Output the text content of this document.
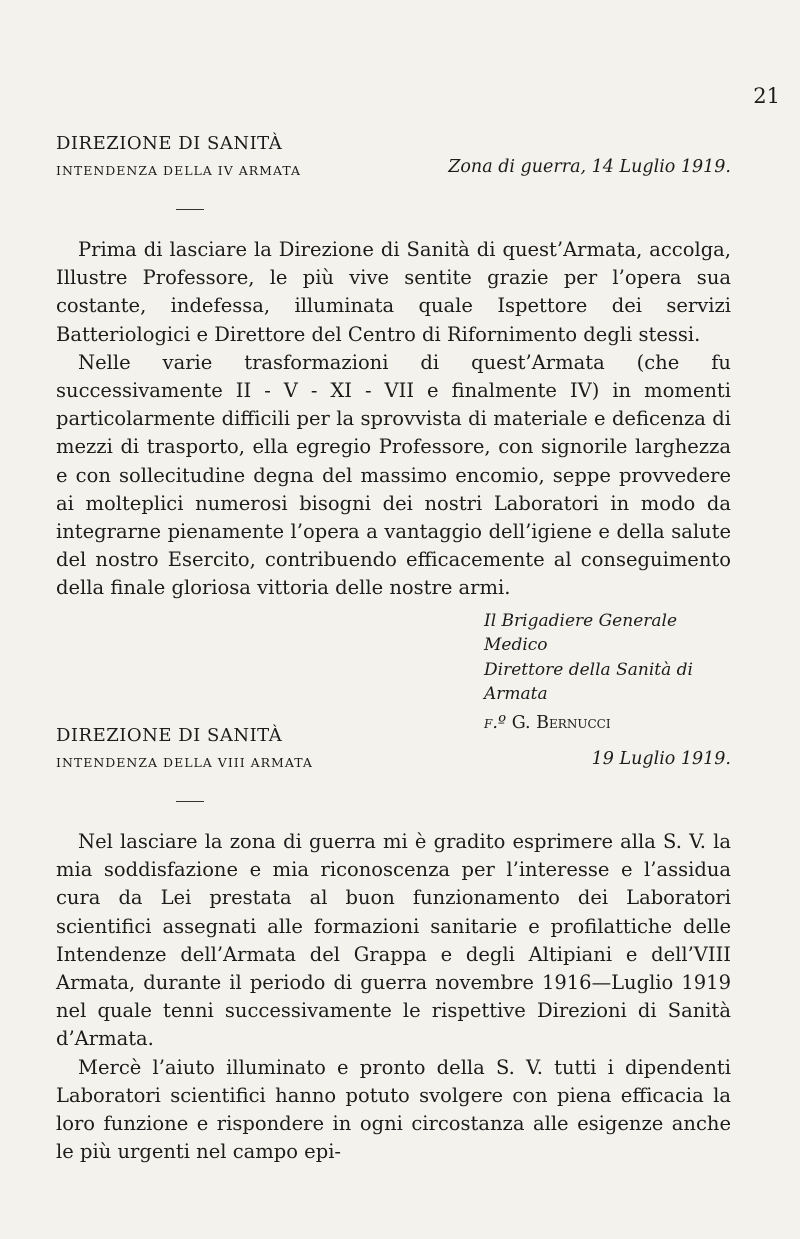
21
DIREZIONE DI SANITÀ
INTENDENZA DELLA IV ARMATA	Zona di guerra, 14 Luglio 1919.

Prima di lasciare la Direzione di Sanità di quest’Armata, accolga, Illustre Professore, le più vive sentite grazie per l’opera sua costante, indefessa, illuminata quale Ispettore dei servizi Batteriologici e Direttore del Centro di Rifornimento degli stessi.

Nelle varie trasformazioni di quest’Armata (che fu successivamente II - V - XI - VII e finalmente IV) in momenti particolarmente difficili per la sprovvista di materiale e deficenza di mezzi di trasporto, ella egregio Professore, con signorile larghezza e con sollecitudine degna del massimo encomio, seppe provvedere ai molteplici numerosi bisogni dei nostri Laboratori in modo da integrarne pienamente l’opera a vantaggio dell’igiene e della salute del nostro Esercito, contribuendo efficacemente al conseguimento della finale gloriosa vittoria delle nostre armi.

Il Brigadiere Generale Medico
Direttore della Sanità di Armata
f.º G. Bernucci
DIREZIONE DI SANITÀ
INTENDENZA DELLA VIII ARMATA	19 Luglio 1919.

Nel lasciare la zona di guerra mi è gradito esprimere alla S. V. la mia soddisfazione e mia riconoscenza per l’interesse e l’assidua cura da Lei prestata al buon funzionamento dei Laboratori scientifici assegnati alle formazioni sanitarie e profilattiche delle Intendenze dell’Armata del Grappa e degli Altipiani e dell’VIII Armata, durante il periodo di guerra novembre 1916—Luglio 1919 nel quale tenni successivamente le rispettive Direzioni di Sanità d’Armata.

Mercè l’aiuto illuminato e pronto della S. V. tutti i dipendenti Laboratori scientifici hanno potuto svolgere con piena efficacia la loro funzione e rispondere in ogni circostanza alle esigenze anche le più urgenti nel campo epi-
